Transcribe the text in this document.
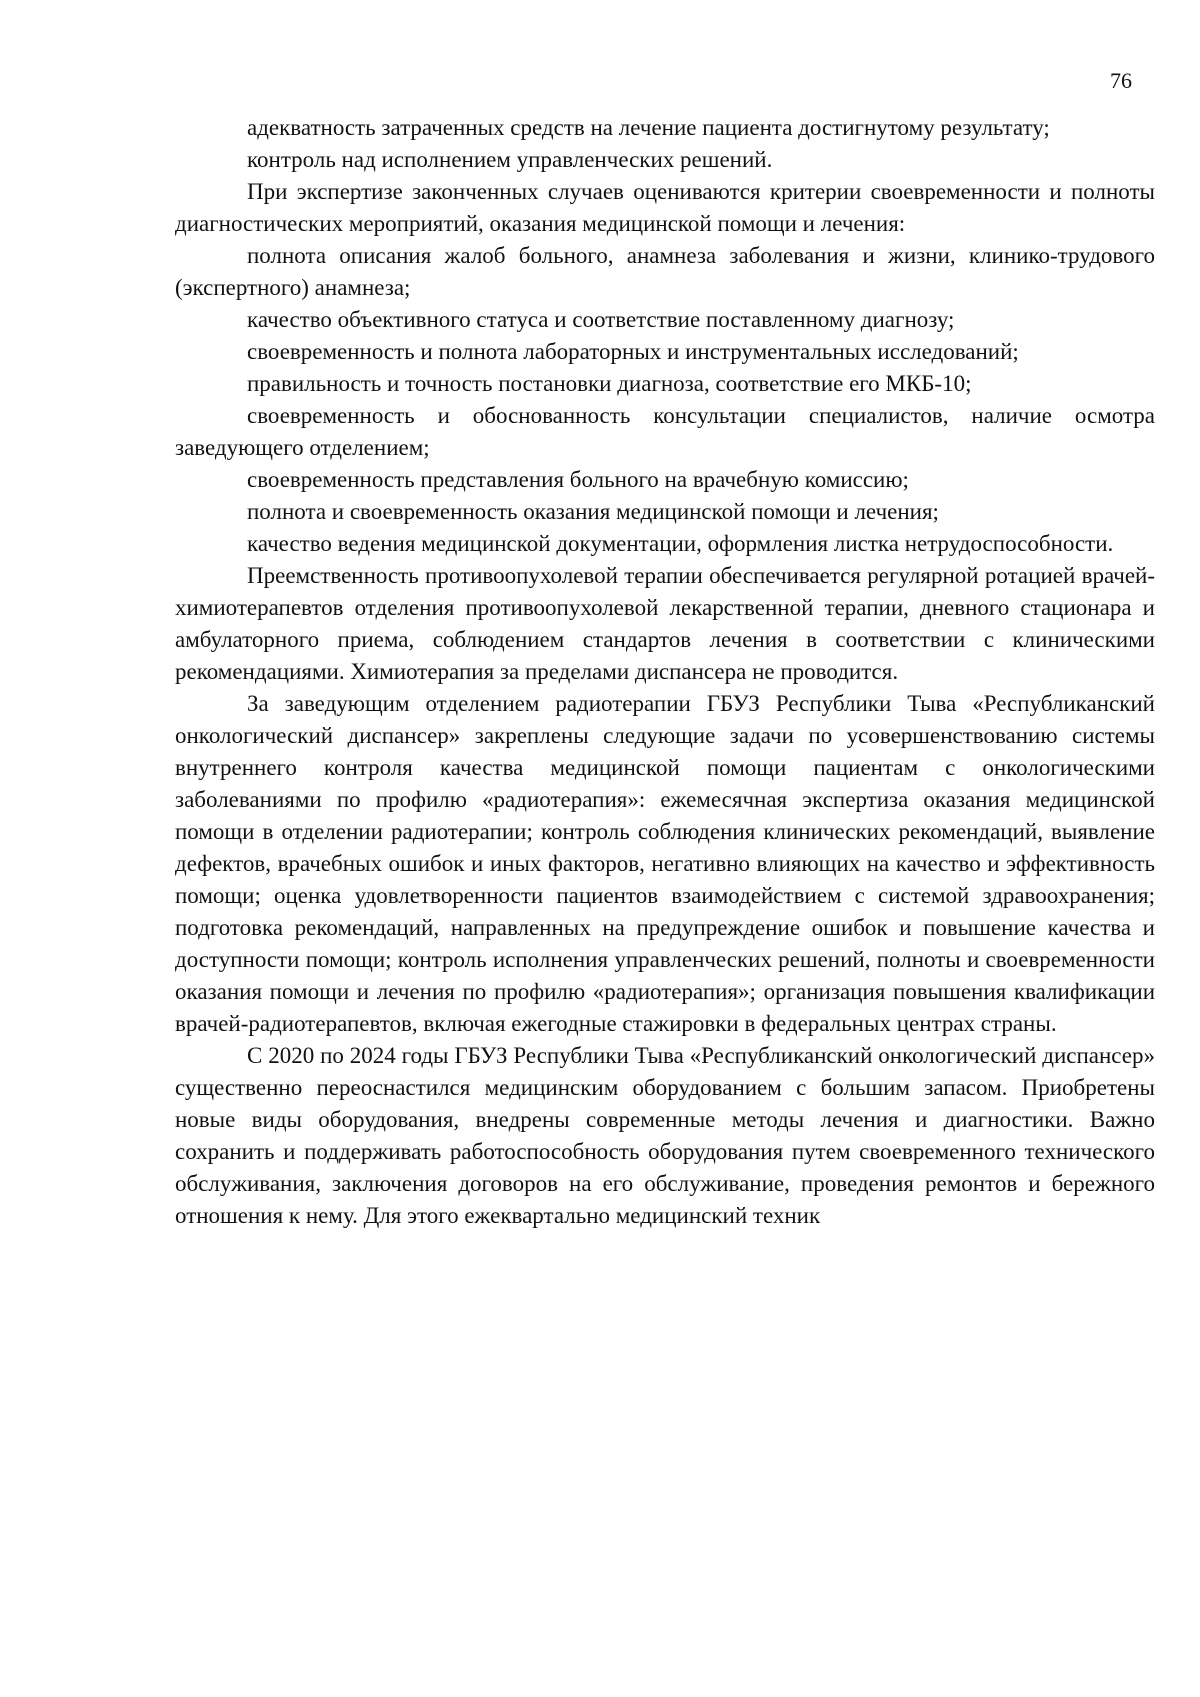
76

адекватность затраченных средств на лечение пациента достигнутому результату;

контроль над исполнением управленческих решений.

При экспертизе законченных случаев оцениваются критерии своевременности и полноты диагностических мероприятий, оказания медицинской помощи и лечения:

полнота описания жалоб больного, анамнеза заболевания и жизни, клинико-трудового (экспертного) анамнеза;

качество объективного статуса и соответствие поставленному диагнозу;

своевременность и полнота лабораторных и инструментальных исследований;

правильность и точность постановки диагноза, соответствие его МКБ-10;

своевременность и обоснованность консультации специалистов, наличие осмотра заведующего отделением;

своевременность представления больного на врачебную комиссию;

полнота и своевременность оказания медицинской помощи и лечения;

качество ведения медицинской документации, оформления листка нетрудоспособности.

Преемственность противоопухолевой терапии обеспечивается регулярной ротацией врачей-химиотерапевтов отделения противоопухолевой лекарственной терапии, дневного стационара и амбулаторного приема, соблюдением стандартов лечения в соответствии с клиническими рекомендациями. Химиотерапия за пределами диспансера не проводится.

За заведующим отделением радиотерапии ГБУЗ Республики Тыва «Республиканский онкологический диспансер» закреплены следующие задачи по усовершенствованию системы внутреннего контроля качества медицинской помощи пациентам с онкологическими заболеваниями по профилю «радиотерапия»: ежемесячная экспертиза оказания медицинской помощи в отделении радиотерапии; контроль соблюдения клинических рекомендаций, выявление дефектов, врачебных ошибок и иных факторов, негативно влияющих на качество и эффективность помощи; оценка удовлетворенности пациентов взаимодействием с системой здравоохранения; подготовка рекомендаций, направленных на предупреждение ошибок и повышение качества и доступности помощи; контроль исполнения управленческих решений, полноты и своевременности оказания помощи и лечения по профилю «радиотерапия»; организация повышения квалификации врачей-радиотерапевтов, включая ежегодные стажировки в федеральных центрах страны.

С 2020 по 2024 годы ГБУЗ Республики Тыва «Республиканский онкологический диспансер» существенно переоснастился медицинским оборудованием с большим запасом. Приобретены новые виды оборудования, внедрены современные методы лечения и диагностики. Важно сохранить и поддерживать работоспособность оборудования путем своевременного технического обслуживания, заключения договоров на его обслуживание, проведения ремонтов и бережного отношения к нему. Для этого ежеквартально медицинский техник
